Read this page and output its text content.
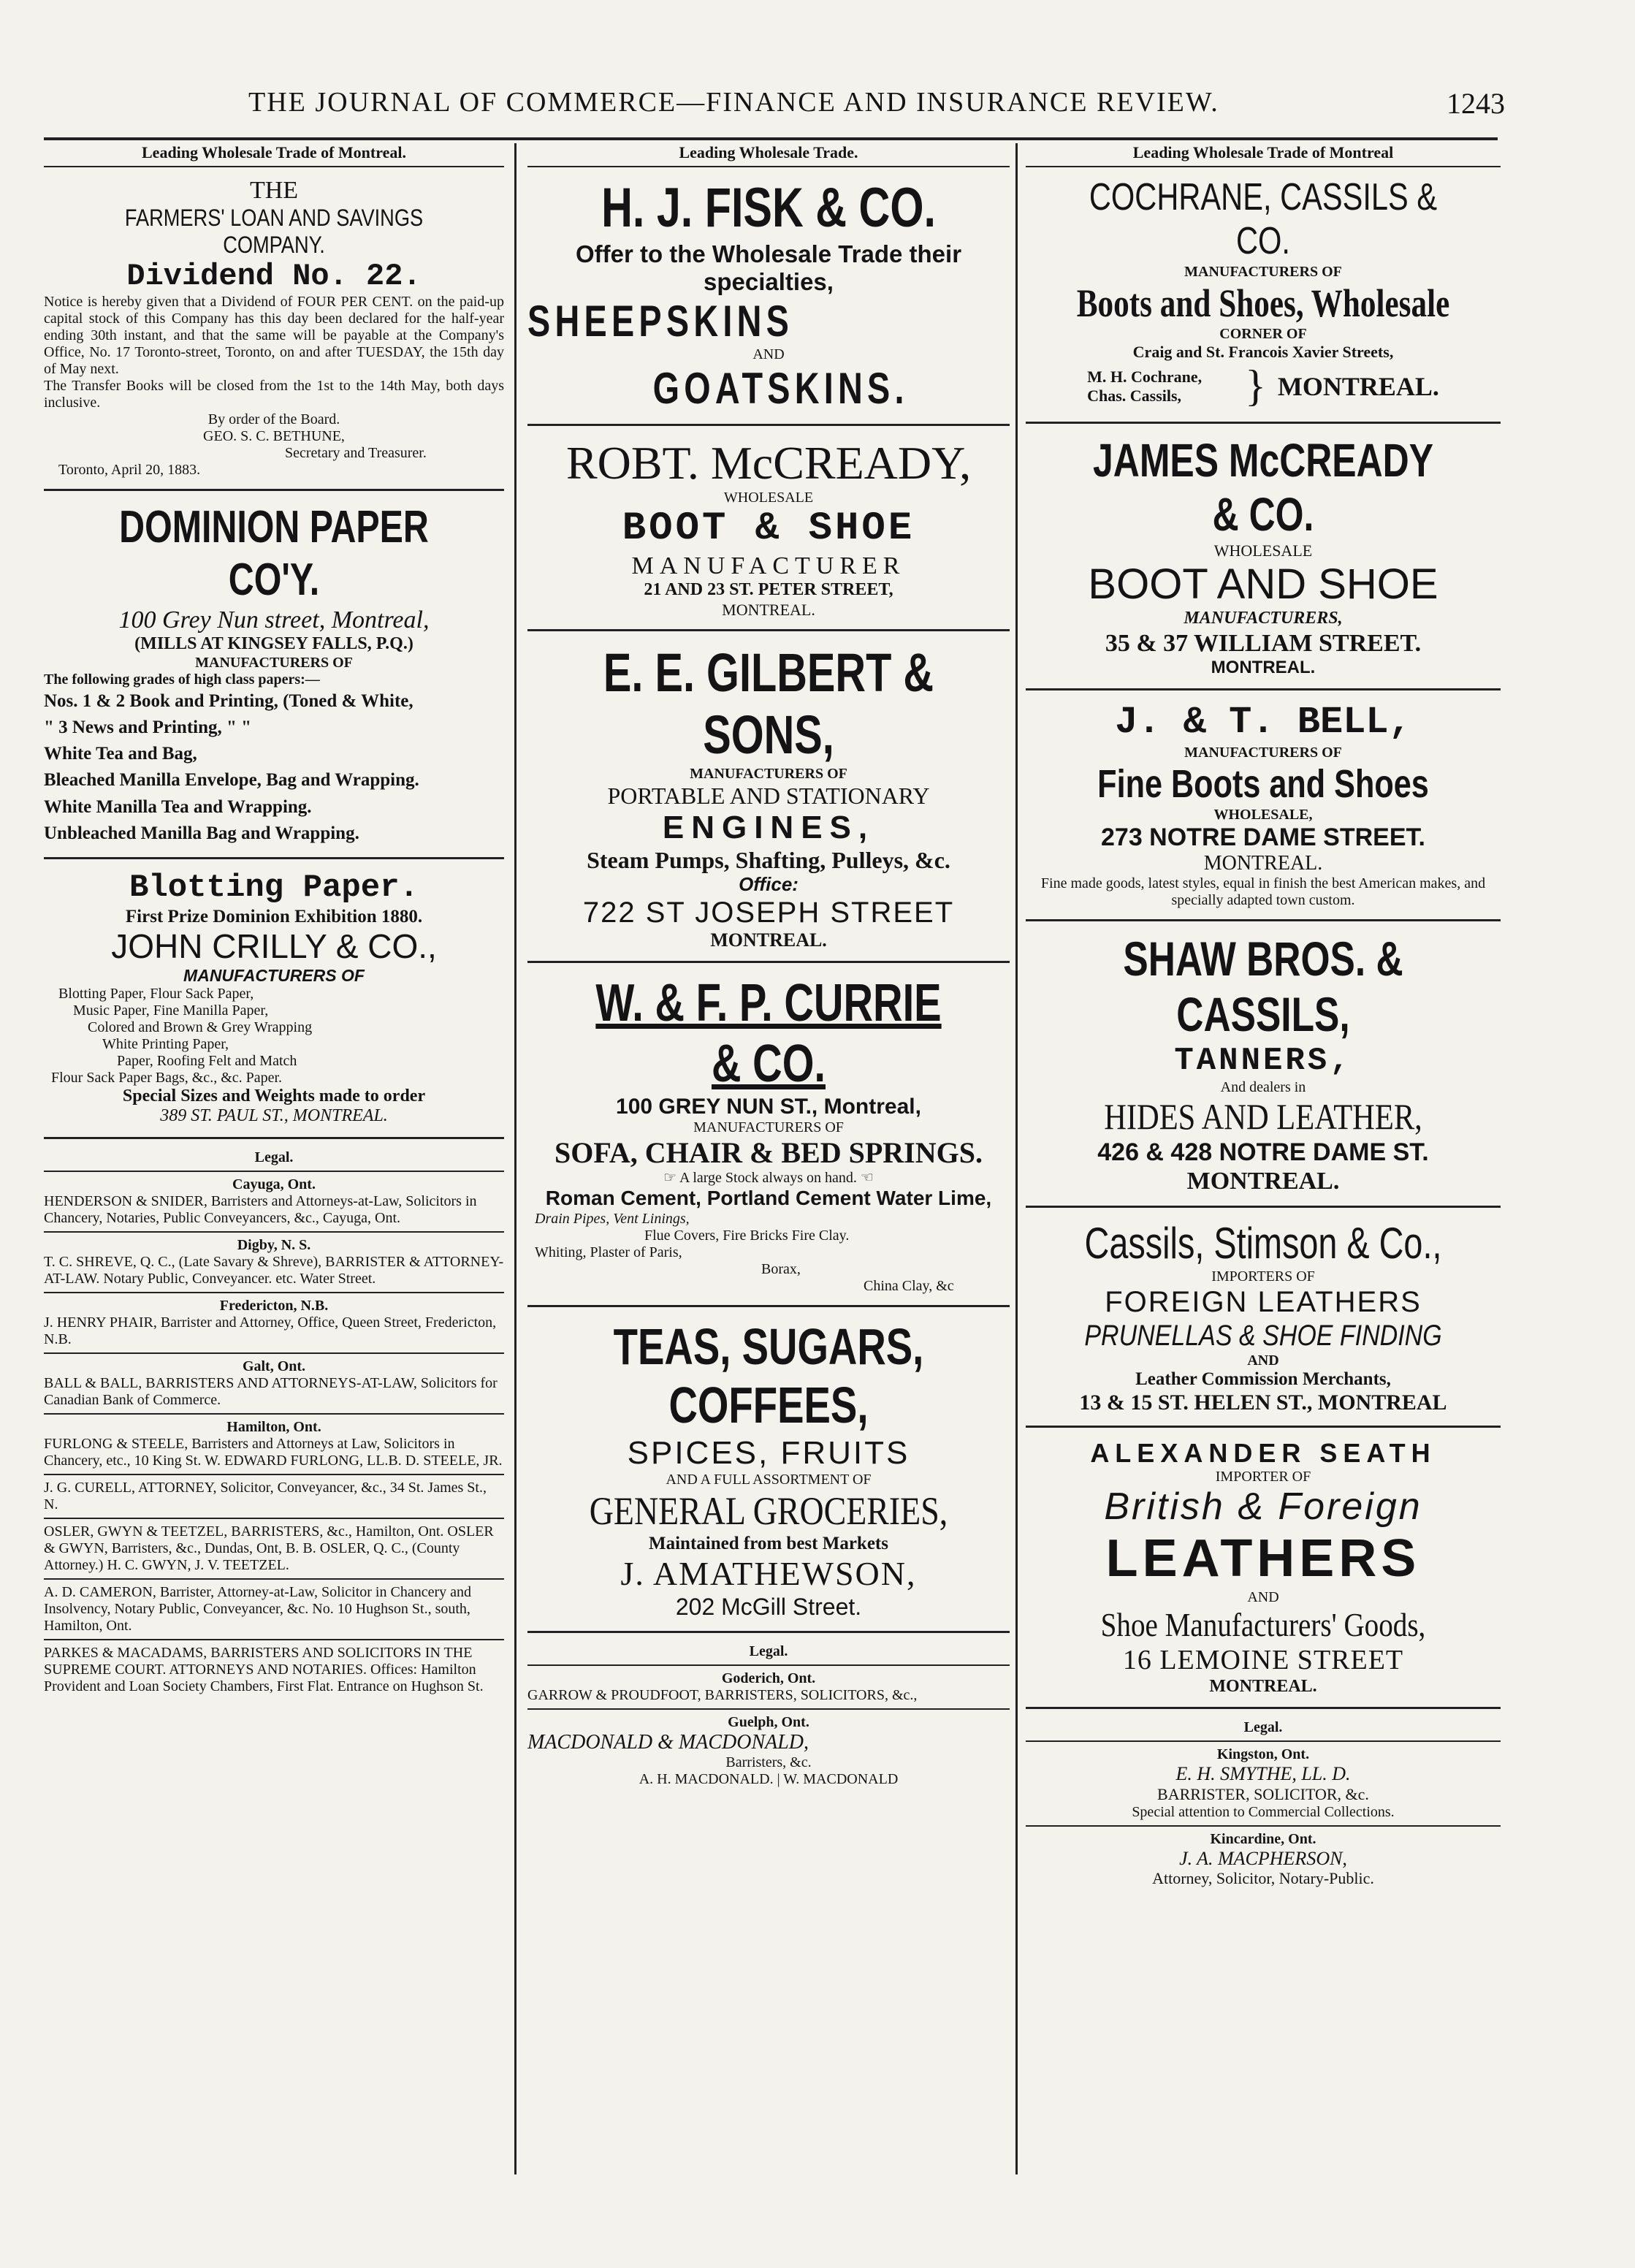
THE JOURNAL OF COMMERCE—FINANCE AND INSURANCE REVIEW.	1243

Leading Wholesale Trade of Montreal.

THE

FARMERS' LOAN AND SAVINGS COMPANY.

Dividend No. 22.

Notice is hereby given that a Dividend of FOUR PER CENT. on the paid-up capital stock of this Company has this day been declared for the half-year ending 30th instant, and that the same will be payable at the Company's Office, No. 17 Toronto-street, Toronto, on and after TUESDAY, the 15th day of May next.

The Transfer Books will be closed from the 1st to the 14th May, both days inclusive.

By order of the Board.

GEO. S. C. BETHUNE,

Secretary and Treasurer.

Toronto, April 20, 1883.

DOMINION PAPER CO'Y.

100 Grey Nun street, Montreal,

(MILLS AT KINGSEY FALLS, P.Q.)

MANUFACTURERS OF

The following grades of high class papers:—

Nos. 1 & 2 Book and Printing, (Toned & White,

" 3 News and Printing, " "

White Tea and Bag,

Bleached Manilla Envelope, Bag and Wrapping.

White Manilla Tea and Wrapping.

Unbleached Manilla Bag and Wrapping.

Blotting Paper.

First Prize Dominion Exhibition 1880.

JOHN CRILLY & CO.,

MANUFACTURERS OF

Blotting Paper, Flour Sack Paper,

Music Paper, Fine Manilla Paper,

Colored and Brown & Grey Wrapping

White Printing Paper,

Paper, Roofing Felt and Match

Flour Sack Paper Bags, &c., &c. Paper.

Special Sizes and Weights made to order

389 ST. PAUL ST., MONTREAL.

Legal.

Cayuga, Ont.

HENDERSON & SNIDER, Barristers and Attorneys-at-Law, Solicitors in Chancery, Notaries, Public Conveyancers, &c., Cayuga, Ont.

Digby, N. S.

T. C. SHREVE, Q. C., (Late Savary & Shreve), BARRISTER & ATTORNEY-AT-LAW. Notary Public, Conveyancer. etc. Water Street.

Fredericton, N.B.

J. HENRY PHAIR, Barrister and Attorney, Office, Queen Street, Fredericton, N.B.

Galt, Ont.

BALL & BALL, BARRISTERS AND ATTORNEYS-AT-LAW, Solicitors for Canadian Bank of Commerce.

Hamilton, Ont.

FURLONG & STEELE, Barristers and Attorneys at Law, Solicitors in Chancery, etc., 10 King St. W. EDWARD FURLONG, LL.B. D. STEELE, JR.

J. G. CURELL, ATTORNEY, Solicitor, Conveyancer, &c., 34 St. James St., N.

OSLER, GWYN & TEETZEL, BARRISTERS, &c., Hamilton, Ont. OSLER & GWYN, Barristers, &c., Dundas, Ont, B. B. OSLER, Q. C., (County Attorney.) H. C. GWYN, J. V. TEETZEL.

A. D. CAMERON, Barrister, Attorney-at-Law, Solicitor in Chancery and Insolvency, Notary Public, Conveyancer, &c. No. 10 Hughson St., south, Hamilton, Ont.

PARKES & MACADAMS, BARRISTERS AND SOLICITORS IN THE SUPREME COURT. ATTORNEYS AND NOTARIES. Offices: Hamilton Provident and Loan Society Chambers, First Flat. Entrance on Hughson St.

Leading Wholesale Trade.

H. J. FISK & CO.

Offer to the Wholesale Trade their specialties,

SHEEPSKINS

AND

GOATSKINS.

ROBT. McCREADY,

WHOLESALE

BOOT & SHOE

MANUFACTURER

21 AND 23 ST. PETER STREET,

MONTREAL.

E. E. GILBERT & SONS,

MANUFACTURERS OF

PORTABLE AND STATIONARY

ENGINES,

Steam Pumps, Shafting, Pulleys, &c.

Office:

722 ST JOSEPH STREET

MONTREAL.

W. & F. P. CURRIE & CO.

100 GREY NUN ST., Montreal,

MANUFACTURERS OF

SOFA, CHAIR & BED SPRINGS.

☞ A large Stock always on hand. ☜

Roman Cement, Portland Cement Water Lime,

Drain Pipes, Vent Linings,

Flue Covers, Fire Bricks Fire Clay.

Whiting, Plaster of Paris,

Borax,

China Clay, &c

TEAS, SUGARS, COFFEES,

SPICES, FRUITS

AND A FULL ASSORTMENT OF

GENERAL GROCERIES,

Maintained from best Markets

J. AMATHEWSON,

202 McGill Street.

Legal.

Goderich, Ont.

GARROW & PROUDFOOT, BARRISTERS, SOLICITORS, &c.,

Guelph, Ont.

MACDONALD & MACDONALD,

Barristers, &c.

A. H. MACDONALD. | W. MACDONALD

Leading Wholesale Trade of Montreal

COCHRANE, CASSILS & CO.

MANUFACTURERS OF

Boots and Shoes, Wholesale

CORNER OF

Craig and St. Francois Xavier Streets,

M. H. Cochrane, Chas. Cassils,	} MONTREAL.

JAMES McCREADY & CO.

WHOLESALE

BOOT AND SHOE

MANUFACTURERS,

35 & 37 WILLIAM STREET.

MONTREAL.

J. & T. BELL,

MANUFACTURERS OF

Fine Boots and Shoes

WHOLESALE,

273 NOTRE DAME STREET.

MONTREAL.

Fine made goods, latest styles, equal in finish the best American makes, and specially adapted town custom.

SHAW BROS. & CASSILS,

TANNERS,

And dealers in

HIDES AND LEATHER,

426 & 428 NOTRE DAME ST.

MONTREAL.

Cassils, Stimson & Co.,

IMPORTERS OF

FOREIGN LEATHERS

PRUNELLAS & SHOE FINDING

AND

Leather Commission Merchants,

13 & 15 ST. HELEN ST., MONTREAL

ALEXANDER SEATH

IMPORTER OF

British & Foreign

LEATHERS

AND

Shoe Manufacturers' Goods,

16 LEMOINE STREET

MONTREAL.

Legal.

Kingston, Ont.

E. H. SMYTHE, LL. D.

BARRISTER, SOLICITOR, &c.

Special attention to Commercial Collections.

Kincardine, Ont.

J. A. MACPHERSON,

Attorney, Solicitor, Notary-Public.
